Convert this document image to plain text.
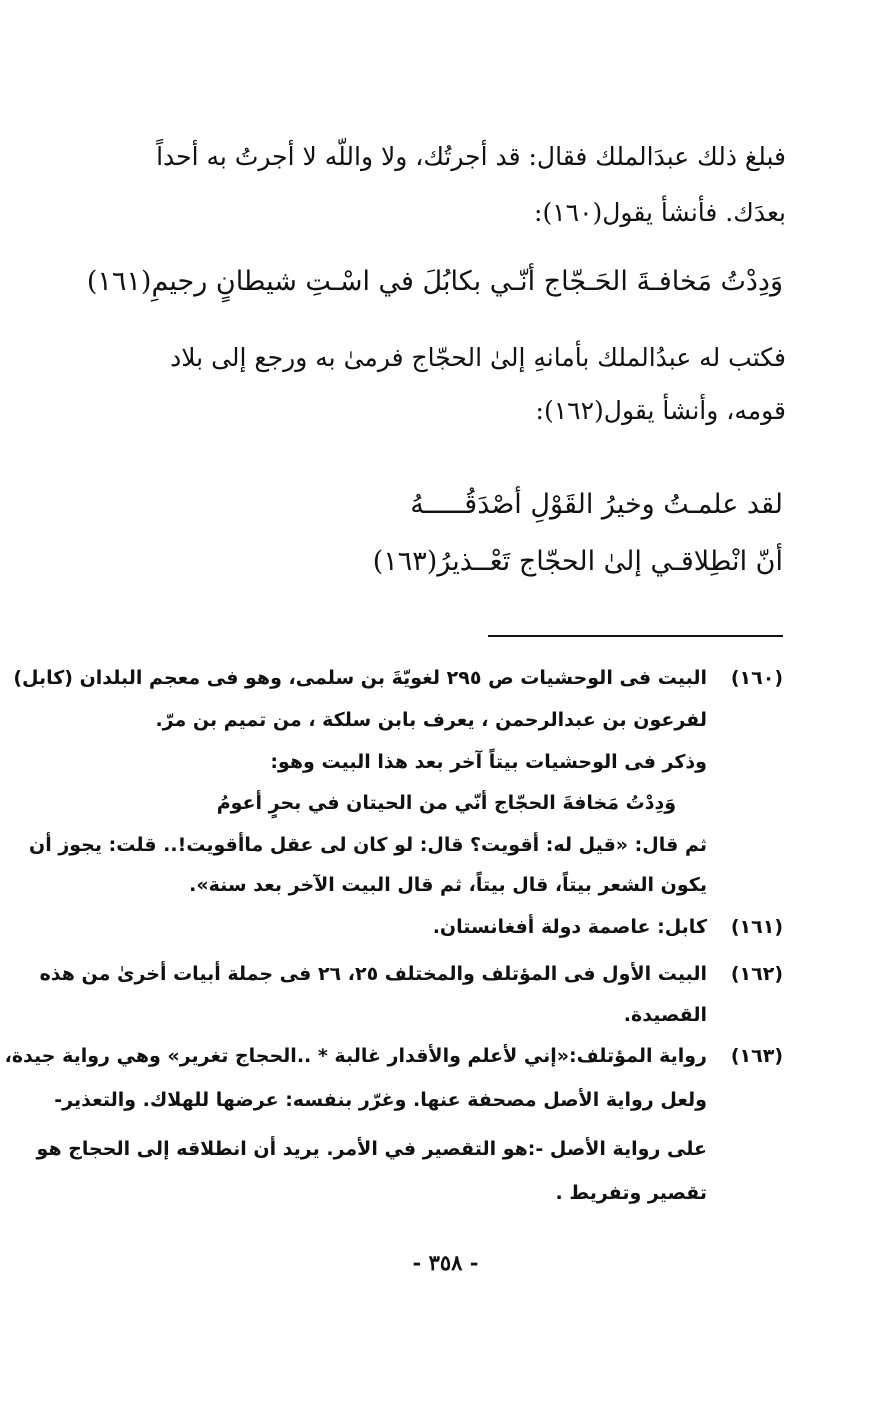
فبلغ ذلك عبدَالملك فقال: قد أجرتُك، ولا واللّه لا أجرتُ به أحداً
بعدَك. فأنشأ يقول(١٦٠):
وَدِدْتُ مَخافـةَ الحَـجّاج أنّـي بكابُلَ في اسْـتِ شيطانٍ رجيمِ(١٦١)
فكتب له عبدُالملك بأمانهِ إلىٰ الحجّاج فرمىٰ به ورجع إلى بلاد
قومه، وأنشأ يقول(١٦٢):
لقد علمـتُ وخيرُ القَوْلِ أصْدَقُـــــهُ
أنّ انْطِلاقـي إلىٰ الحجّاج تَعْــذيرُ(١٦٣)
(١٦٠)
البيت فى الوحشيات ص ٢٩٥ لغويّةَ بن سلمى، وهو فى معجم البلدان (كابل)
لفرعون بن عبدالرحمن ، يعرف بابن سلكة ، من تميم بن مرّ.
وذكر فى الوحشيات بيتاً آخر بعد هذا البيت وهو:
وَدِدْتُ مَخافةَ الحجّاج أنّي من الحيتان في بحرٍ أعومُ
ثم قال: «قيل له: أقويت؟ قال: لو كان لى عقل ماأقويت!.. قلت: يجوز أن
يكون الشعر بيتاً، قال بيتاً، ثم قال البيت الآخر بعد سنة».
(١٦١)
كابل: عاصمة دولة أفغانستان.
(١٦٢)
البيت الأول فى المؤتلف والمختلف ٢٥، ٢٦ فى جملة أبيات أخرىٰ من هذه
القصيدة.
(١٦٣)
رواية المؤتلف:«إني لأعلم والأقدار غالبة * ..الحجاج تغرير» وهي رواية جيدة،
ولعل رواية الأصل مصحفة عنها. وغرّر بنفسه: عرضها للهلاك. والتعذير-
على رواية الأصل -:هو التقصير في الأمر. يريد أن انطلاقه إلى الحجاج هو
تقصير وتفريط .
- ٣٥٨ -
